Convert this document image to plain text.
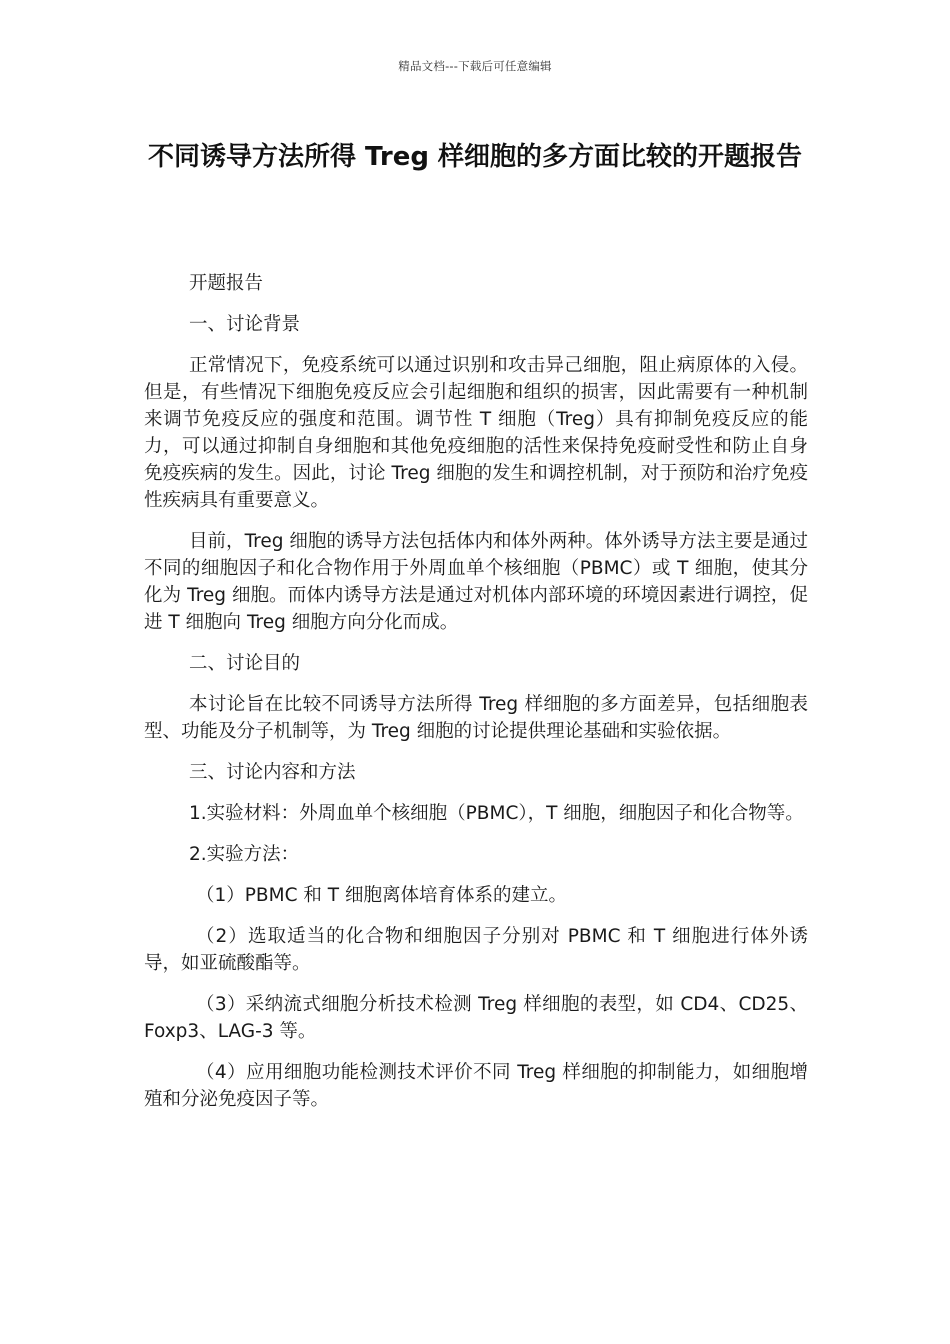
精品文档---下载后可任意编辑
不同诱导方法所得 Treg 样细胞的多方面比较的开题报告

开题报告

一、讨论背景

正常情况下，免疫系统可以通过识别和攻击异己细胞，阻止病原体的入侵。但是，有些情况下细胞免疫反应会引起细胞和组织的损害，因此需要有一种机制来调节免疫反应的强度和范围。调节性 T 细胞（Treg）具有抑制免疫反应的能力，可以通过抑制自身细胞和其他免疫细胞的活性来保持免疫耐受性和防止自身免疫疾病的发生。因此，讨论 Treg 细胞的发生和调控机制，对于预防和治疗免疫性疾病具有重要意义。

目前，Treg 细胞的诱导方法包括体内和体外两种。体外诱导方法主要是通过不同的细胞因子和化合物作用于外周血单个核细胞（PBMC）或 T 细胞，使其分化为 Treg 细胞。而体内诱导方法是通过对机体内部环境的环境因素进行调控，促进 T 细胞向 Treg 细胞方向分化而成。

二、讨论目的

本讨论旨在比较不同诱导方法所得 Treg 样细胞的多方面差异，包括细胞表型、功能及分子机制等，为 Treg 细胞的讨论提供理论基础和实验依据。

三、讨论内容和方法

1.实验材料：外周血单个核细胞（PBMC），T 细胞，细胞因子和化合物等。

2.实验方法：

（1）PBMC 和 T 细胞离体培育体系的建立。

（2）选取适当的化合物和细胞因子分别对 PBMC 和 T 细胞进行体外诱导，如亚硫酸酯等。

（3）采纳流式细胞分析技术检测 Treg 样细胞的表型，如 CD4、CD25、Foxp3、LAG-3 等。

（4）应用细胞功能检测技术评价不同 Treg 样细胞的抑制能力，如细胞增殖和分泌免疫因子等。
